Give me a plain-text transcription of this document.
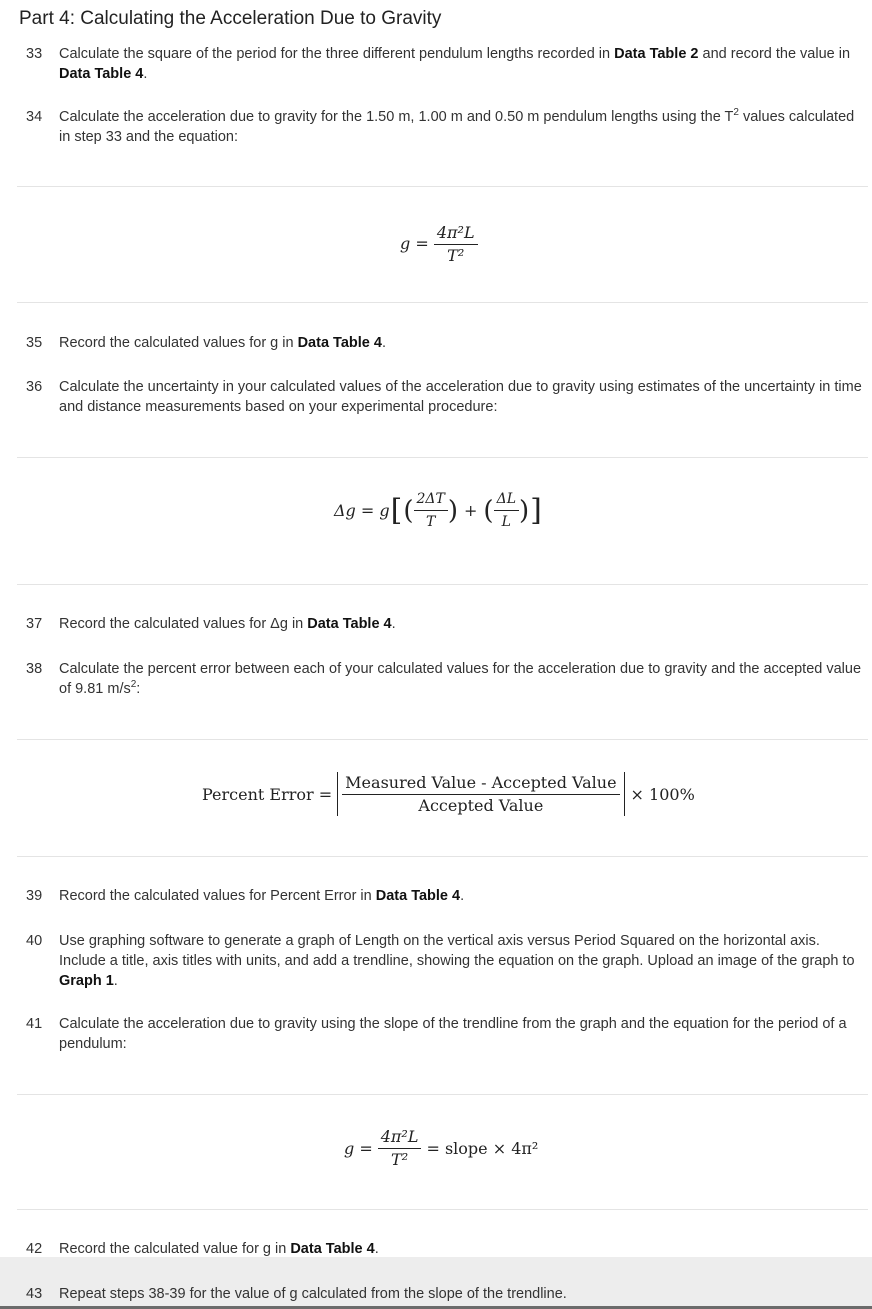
Part 4: Calculating the Acceleration Due to Gravity
33	Calculate the square of the period for the three different pendulum lengths recorded in Data Table 2 and record the value in Data Table 4.
34	Calculate the acceleration due to gravity for the 1.50 m, 1.00 m and 0.50 m pendulum lengths using the $T^2$ values calculated in step 33 and the equation:
$g = \frac{\text{4π²L}}{\text{T²}}$
35	Record the calculated values for g in Data Table 4.
36	Calculate the uncertainty in your calculated values of the acceleration due to gravity using estimates of the uncertainty in time and distance measurements based on your experimental procedure:
Δg = g [ ( $\frac{2\Delta T}{T}$ ) + ( $\frac{\Delta L}{L}$ ) ]
37	Record the calculated values for Δg in Data Table 4.
38	Calculate the percent error between each of your calculated values for the acceleration due to gravity and the accepted value of 9.81 $m/s^2$:
Percent Error = $\frac{\text{Measured Value - Accepted Value}}{\text{Accepted Value}} \times 100\%$
39	Record the calculated values for Percent Error in Data Table 4.
40	Use graphing software to generate a graph of Length on the vertical axis versus Period Squared on the horizontal axis. Include a title, axis titles with units, and add a trendline, showing the equation on the graph. Upload an image of the graph to Graph 1.
41	Calculate the acceleration due to gravity using the slope of the trendline from the graph and the equation for the period of a pendulum:
$g = \frac{\text{4π²L}}{\text{T²}}$ = slope × 4π²
42	Record the calculated value for g in Data Table 4.
43	Repeat steps 38-39 for the value of g calculated from the slope of the trendline.
